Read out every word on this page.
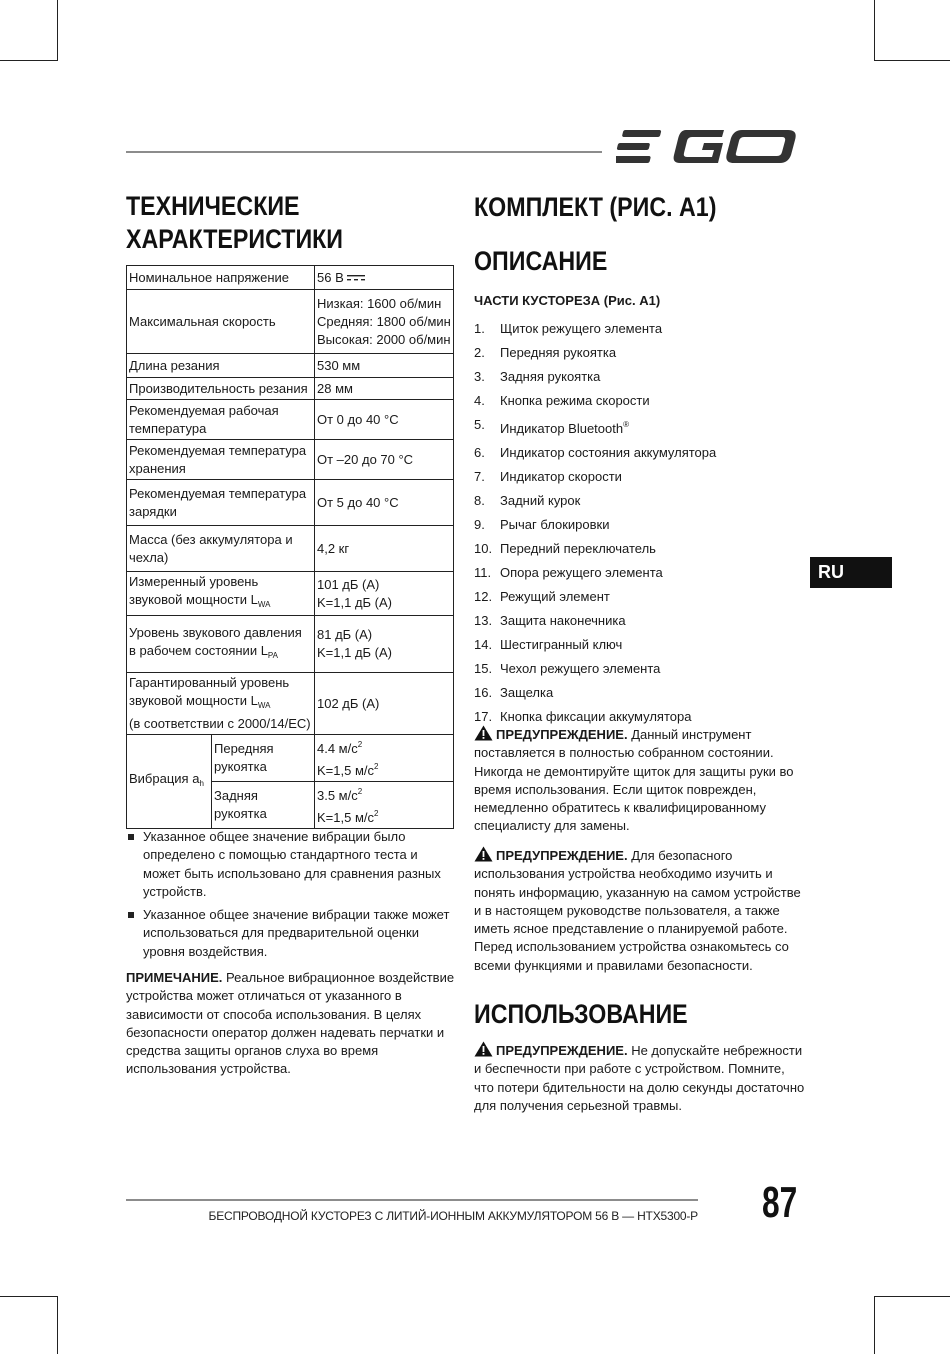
ТЕХНИЧЕСКИЕ
ХАРАКТЕРИСТИКИ
Номинальное напряжение		56 В
Максимальная скорость		Низкая: 1600 об/мин
Средняя: 1800 об/мин
Высокая: 2000 об/мин

Длина резания		530 мм
Производительность резания		28 мм
Рекомендуемая рабочая температура		От 0 до 40 °C
Рекомендуемая температура хранения		От –20 до 70 °C
Рекомендуемая температура зарядки		От 5 до 40 °C
Масса (без аккумулятора и чехла)		4,2 кг
Измеренный уровень звуковой мощности $L_{WA}$		101 дБ (A)
K=1,1 дБ (A)

Уровень звукового давления в рабочем состоянии $L_{PA}$		81 дБ (A)
K=1,1 дБ (A)

Гарантированный уровень звуковой мощности $L_{WA}$
(в соответствии с 2000/14/EC)		102 дБ (A)
Вибрация $a_h$	Передняя рукоятка	4.4 $м/с^2$
K=1,5 $м/с^2$

	Задняя рукоятка	3.5 $м/с^2$
K=1,5 $м/с^2$
Указанное общее значение вибрации было определено с помощью стандартного теста и может быть использовано для сравнения разных устройств.
Указанное общее значение вибрации также может использоваться для предварительной оценки уровня воздействия.
ПРИМЕЧАНИЕ. Реальное вибрационное воздействие устройства может отличаться от указанного в зависимости от способа использования. В целях безопасности оператор должен надевать перчатки и средства защиты органов слуха во время использования устройства.
КОМПЛЕКТ (РИС. A1)
ОПИСАНИЕ
ЧАСТИ КУСТОРЕЗА (Рис. A1)
1. Щиток режущего элемента
2. Передняя рукоятка
3. Задняя рукоятка
4. Кнопка режима скорости
5. Индикатор Bluetooth®
6. Индикатор состояния аккумулятора
7. Индикатор скорости
8. Задний курок
9. Рычаг блокировки
10. Передний переключатель
11. Опора режущего элемента
12. Режущий элемент
13. Защита наконечника
14. Шестигранный ключ
15. Чехол режущего элемента
16. Защелка
17. Кнопка фиксации аккумулятора
ПРЕДУПРЕЖДЕНИЕ. Данный инструмент поставляется в полностью собранном состоянии. Никогда не демонтируйте щиток для защиты руки во время использования. Если щиток поврежден, немедленно обратитесь к квалифицированному специалисту для замены.
ПРЕДУПРЕЖДЕНИЕ. Для безопасного использования устройства необходимо изучить и понять информацию, указанную на самом устройстве и в настоящем руководстве пользователя, а также иметь ясное представление о планируемой работе. Перед использованием устройства ознакомьтесь со всеми функциями и правилами безопасности.
ИСПОЛЬЗОВАНИЕ
ПРЕДУПРЕЖДЕНИЕ. Не допускайте небрежности и беспечности при работе с устройством. Помните, что потери бдительности на долю секунды достаточно для получения серьезной травмы.
RU
БЕСПРОВОДНОЙ КУСТОРЕЗ С ЛИТИЙ-ИОННЫМ АККУМУЛЯТОРОМ 56 В — HTX5300-P 87
